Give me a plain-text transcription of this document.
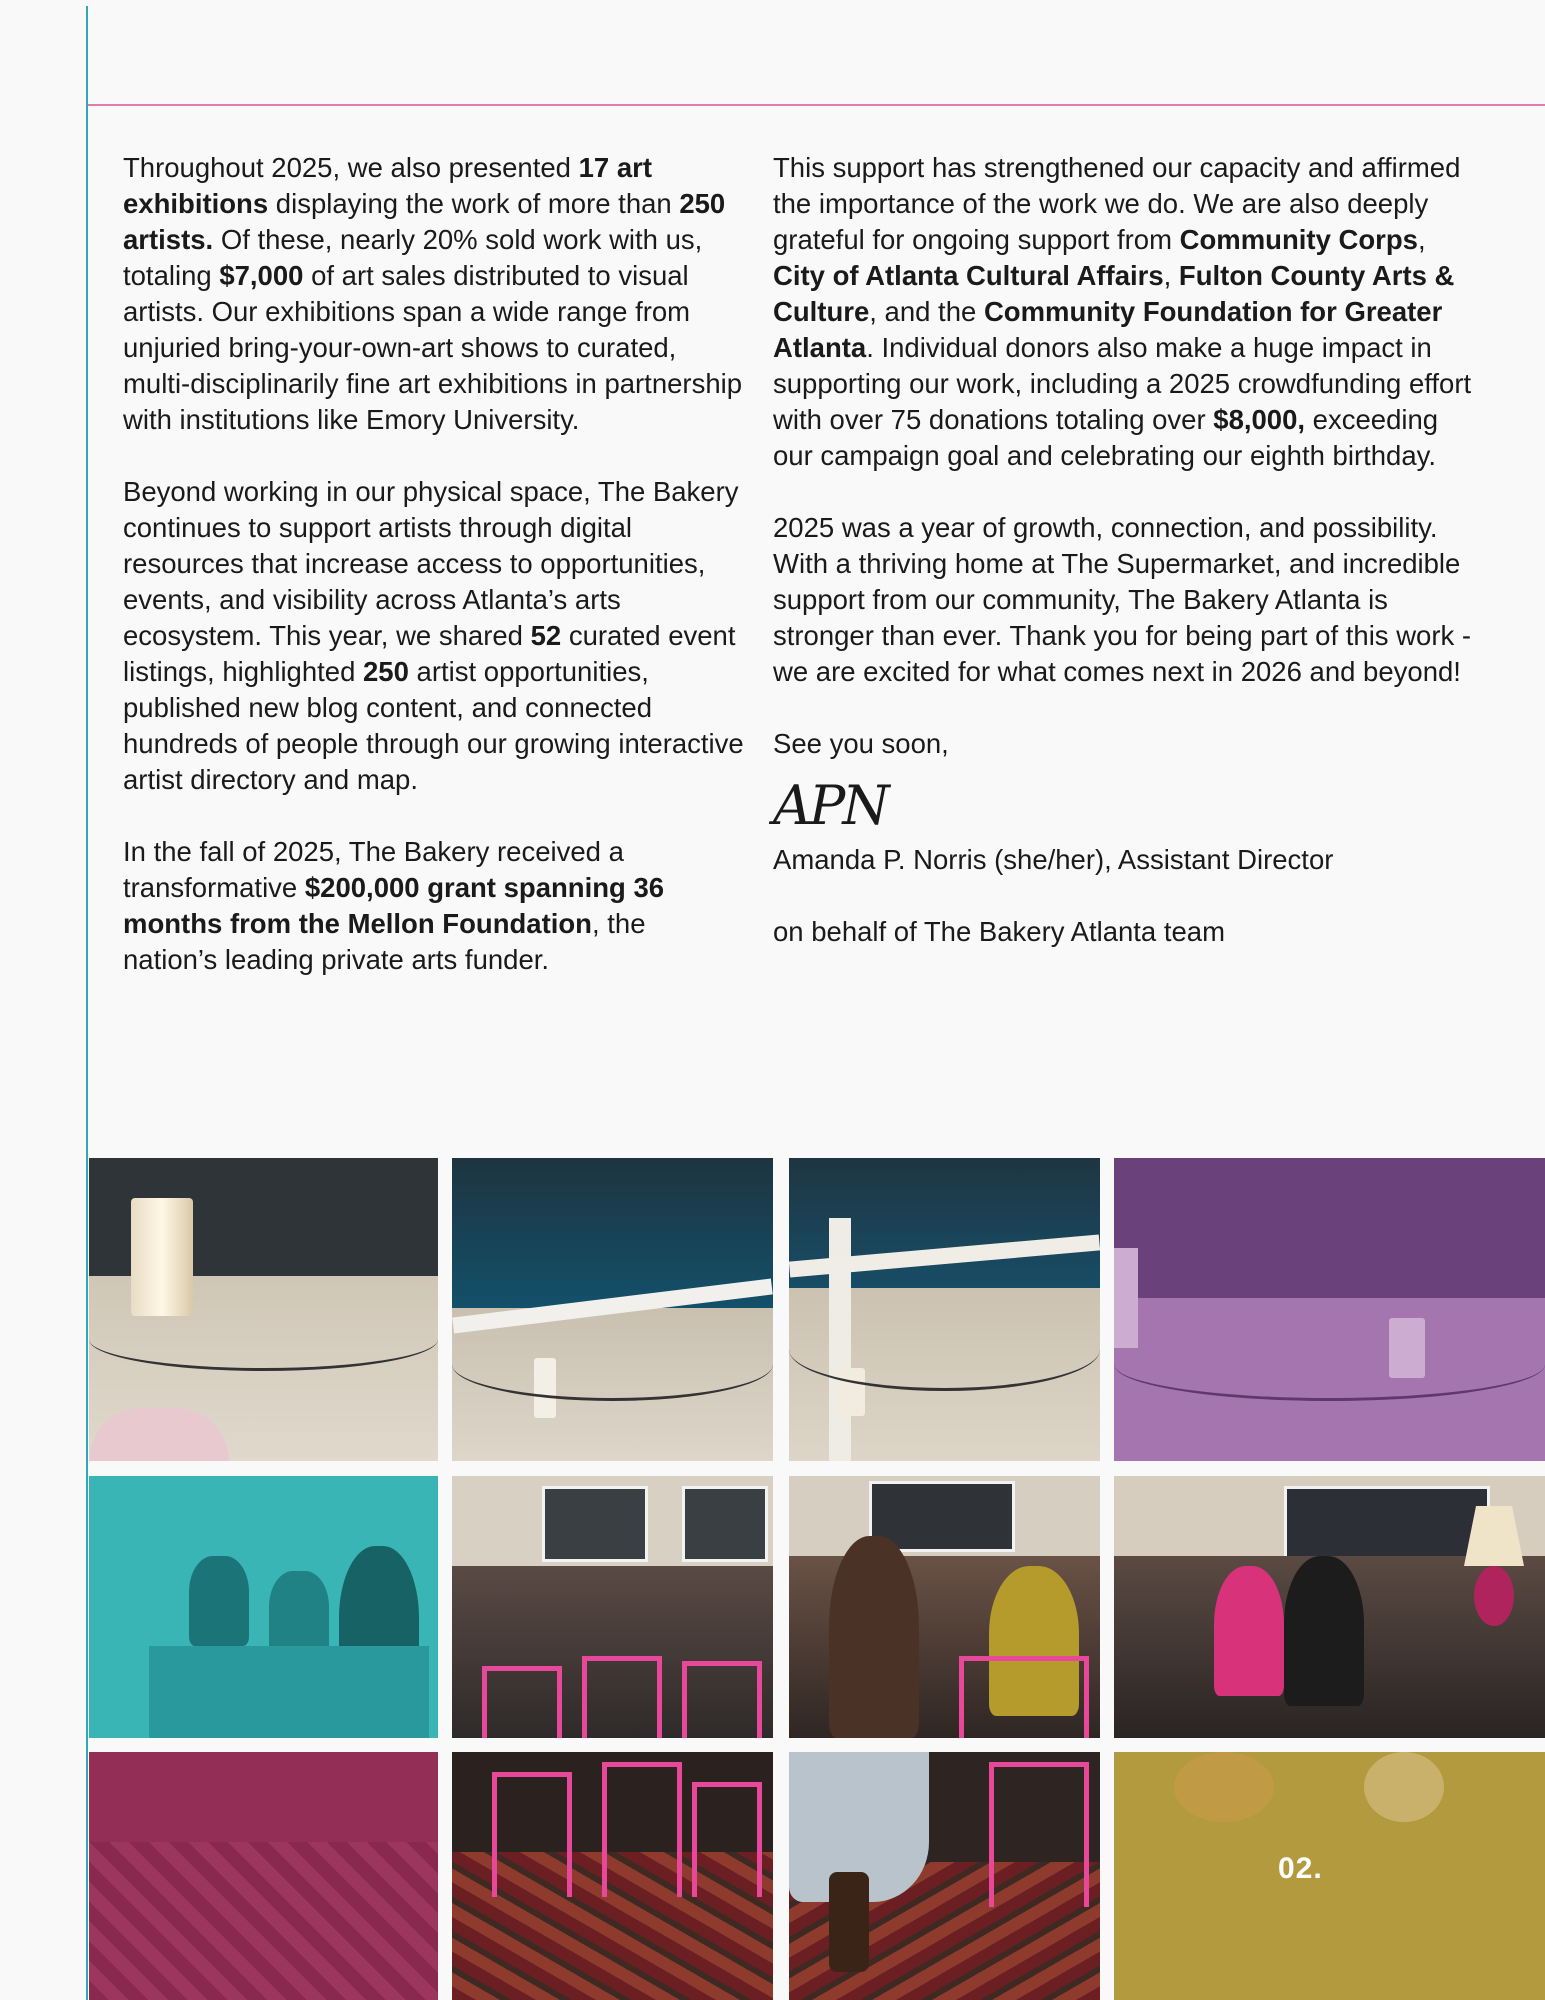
Throughout 2025, we also presented 17 art exhibitions displaying the work of more than 250 artists. Of these, nearly 20% sold work with us, totaling $7,000 of art sales distributed to visual artists. Our exhibitions span a wide range from unjuried bring-your-own-art shows to curated, multi-disciplinarily fine art exhibitions in partnership with institutions like Emory University.

Beyond working in our physical space, The Bakery continues to support artists through digital resources that increase access to opportunities, events, and visibility across Atlanta’s arts ecosystem. This year, we shared 52 curated event listings, highlighted 250 artist opportunities, published new blog content, and connected hundreds of people through our growing interactive artist directory and map.

In the fall of 2025, The Bakery received a transformative $200,000 grant spanning 36 months from the Mellon Foundation, the nation’s leading private arts funder.

This support has strengthened our capacity and affirmed the importance of the work we do. We are also deeply grateful for ongoing support from Community Corps, City of Atlanta Cultural Affairs, Fulton County Arts & Culture, and the Community Foundation for Greater Atlanta. Individual donors also make a huge impact in supporting our work, including a 2025 crowdfunding effort with over 75 donations totaling over $8,000, exceeding our campaign goal and celebrating our eighth birthday.

2025 was a year of growth, connection, and possibility. With a thriving home at The Supermarket, and incredible support from our community, The Bakery Atlanta is stronger than ever. Thank you for being part of this work - we are excited for what comes next in 2026 and beyond!

See you soon,

APN

Amanda P. Norris (she/her), Assistant Director

on behalf of The Bakery Atlanta team

02.
